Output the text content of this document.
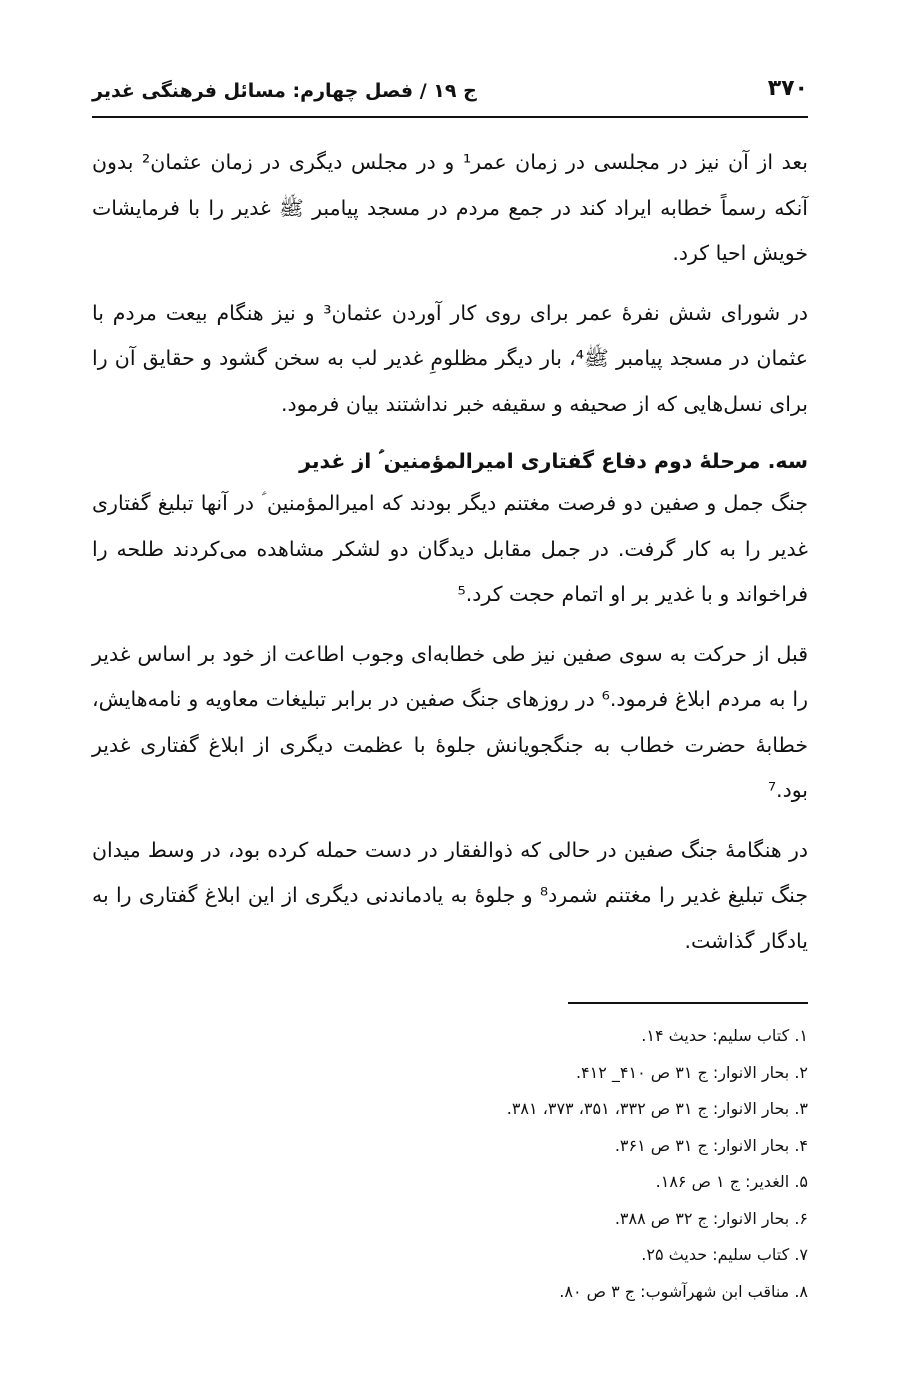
۳۷۰
ج ۱۹ / فصل چهارم: مسائل فرهنگی غدیر

بعد از آن نیز در مجلسی در زمان عمر¹ و در مجلس دیگری در زمان عثمان² بدون آنکه رسماً خطابه ایراد کند در جمع مردم در مسجد پیامبر ﷺ غدیر را با فرمایشات خویش احیا کرد.

در شورای شش نفرۀ عمر برای روی کار آوردن عثمان³ و نیز هنگام بیعت مردم با عثمان در مسجد پیامبر ﷺ⁴، بار دیگر مظلومِ غدیر لب به سخن گشود و حقایق آن را برای نسل‌هایی که از صحیفه و سقیفه خبر نداشتند بیان فرمود.

سه. مرحلۀ دوم دفاع گفتاری امیرالمؤمنین ؑ از غدیر

جنگ جمل و صفین دو فرصت مغتنم دیگر بودند که امیرالمؤمنین ؑ در آنها تبلیغ گفتاری غدیر را به کار گرفت. در جمل مقابل دیدگان دو لشکر مشاهده می‌کردند طلحه را فراخواند و با غدیر بر او اتمام حجت کرد.⁵

قبل از حرکت به سوی صفین نیز طی خطابه‌ای وجوب اطاعت از خود بر اساس غدیر را به مردم ابلاغ فرمود.⁶ در روزهای جنگ صفین در برابر تبلیغات معاویه و نامه‌هایش، خطابۀ حضرت خطاب به جنگجویانش جلوۀ با عظمت دیگری از ابلاغ گفتاری غدیر بود.⁷

در هنگامۀ جنگ صفین در حالی که ذوالفقار در دست حمله کرده بود، در وسط میدان جنگ تبلیغ غدیر را مغتنم شمرد⁸ و جلوۀ به یادماندنی دیگری از این ابلاغ گفتاری را به یادگار گذاشت.

۱. کتاب سلیم: حدیث ۱۴.
۲. بحار الانوار: ج ۳۱ ص ۴۱۰_ ۴۱۲.
۳. بحار الانوار: ج ۳۱ ص ۳۳۲، ۳۵۱، ۳۷۳، ۳۸۱.
۴. بحار الانوار: ج ۳۱ ص ۳۶۱.
۵. الغدیر: ج ۱ ص ۱۸۶.
۶. بحار الانوار: ج ۳۲ ص ۳۸۸.
۷. کتاب سلیم: حدیث ۲۵.
۸. مناقب ابن شهرآشوب: ج ۳ ص ۸۰.
